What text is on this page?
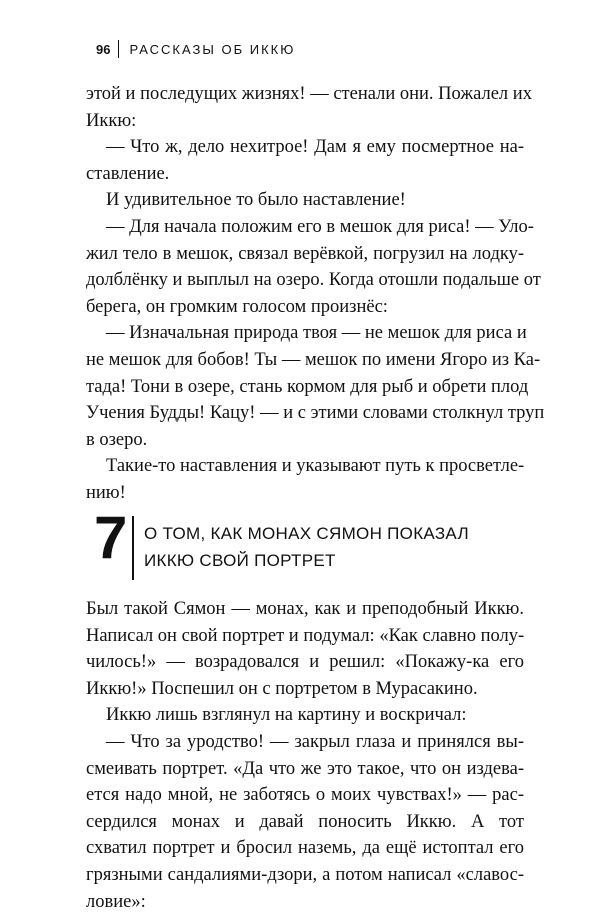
96 РАССКАЗЫ ОБ ИККЮ
этой и последущих жизнях! — стенали они. Пожалел их
Иккю:
— Что ж, дело нехитрое! Дам я ему посмертное на-
ставление.
И удивительное то было наставление!
— Для начала положим его в мешок для риса! — Уло-
жил тело в мешок, связал верёвкой, погрузил на лодку-
долблёнку и выплыл на озеро. Когда отошли подальше от
берега, он громким голосом произнёс:
— Изначальная природа твоя — не мешок для риса и
не мешок для бобов! Ты — мешок по имени Ягоро из Ка-
тада! Тони в озере, стань кормом для рыб и обрети плод
Учения Будды! Кацу! — и с этими словами столкнул труп
в озеро.
Такие-то наставления и указывают путь к просветле-
нию!
7 О ТОМ, КАК МОНАХ СЯМОН ПОКАЗАЛ
ИККЮ СВОЙ ПОРТРЕТ
Был такой Сямон — монах, как и преподобный Иккю.
Написал он свой портрет и подумал: «Как славно полу-
чилось!» — возрадовался и решил: «Покажу-ка его
Иккю!» Поспешил он с портретом в Мурасакино.
Иккю лишь взглянул на картину и воскричал:
— Что за уродство! — закрыл глаза и принялся вы-
смеивать портрет. «Да что же это такое, что он издева-
ется надо мной, не заботясь о моих чувствах!» — рас-
сердился монах и давай поносить Иккю. А тот
схватил портрет и бросил наземь, да ещё истоптал его
грязными сандалиями-дзори, а потом написал «славос-
ловие»:
